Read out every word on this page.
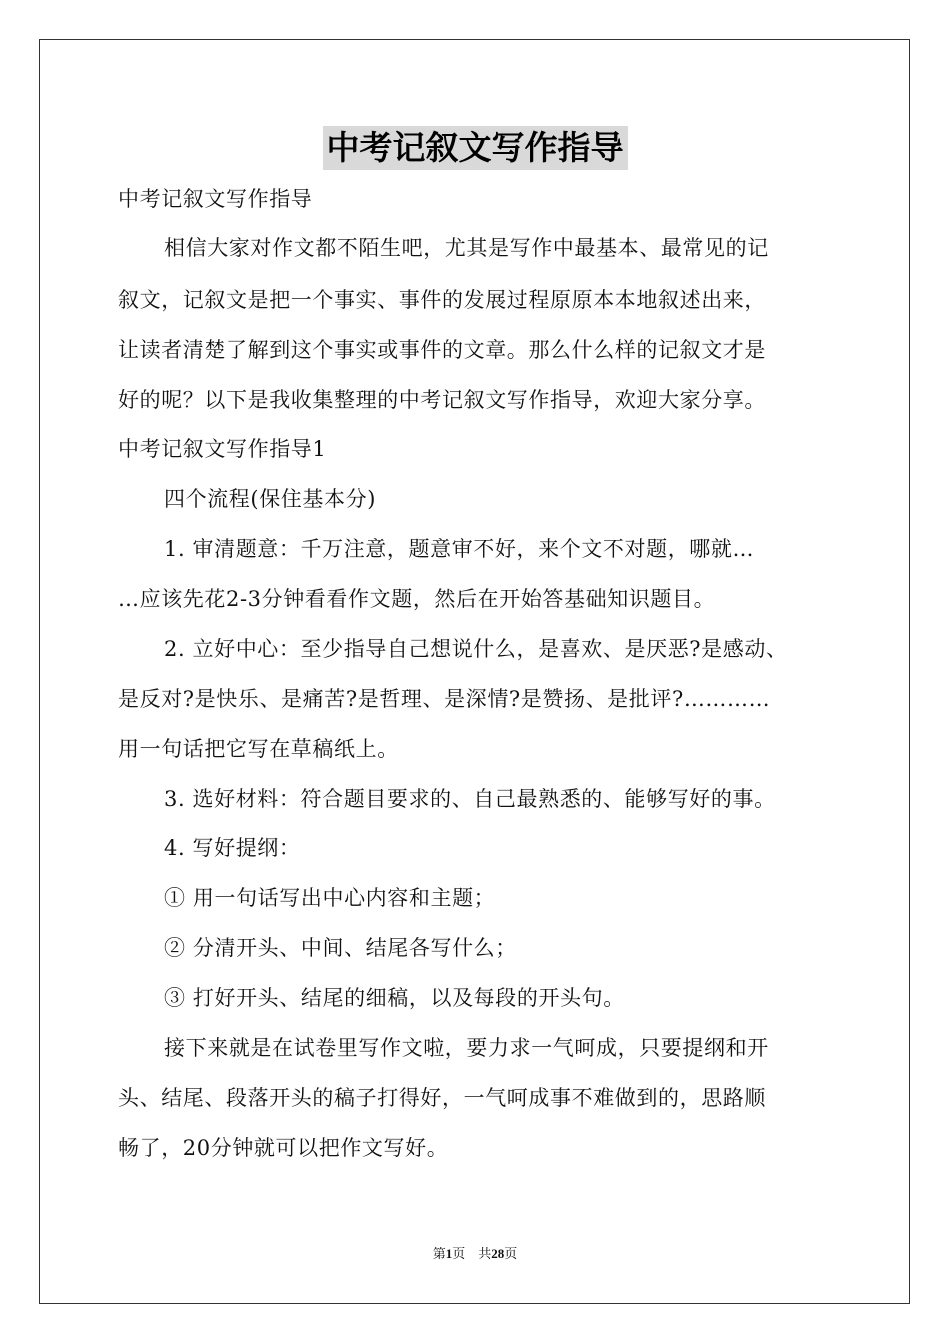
中考记叙文写作指导
中考记叙文写作指导
相信大家对作文都不陌生吧，尤其是写作中最基本、最常见的记
叙文，记叙文是把一个事实、事件的发展过程原原本本地叙述出来，
让读者清楚了解到这个事实或事件的文章。那么什么样的记叙文才是
好的呢？以下是我收集整理的中考记叙文写作指导，欢迎大家分享。
中考记叙文写作指导1
四个流程(保住基本分)
1. 审清题意：千万注意，题意审不好，来个文不对题，哪就…
…应该先花2-3分钟看看作文题，然后在开始答基础知识题目。
2. 立好中心：至少指导自己想说什么，是喜欢、是厌恶?是感动、
是反对?是快乐、是痛苦?是哲理、是深情?是赞扬、是批评?…………
用一句话把它写在草稿纸上。
3. 选好材料：符合题目要求的、自己最熟悉的、能够写好的事。
4. 写好提纲：
① 用一句话写出中心内容和主题；
② 分清开头、中间、结尾各写什么；
③ 打好开头、结尾的细稿，以及每段的开头句。
接下来就是在试卷里写作文啦，要力求一气呵成，只要提纲和开
头、结尾、段落开头的稿子打得好，一气呵成事不难做到的，思路顺
畅了，20分钟就可以把作文写好。
第1页　共28页
